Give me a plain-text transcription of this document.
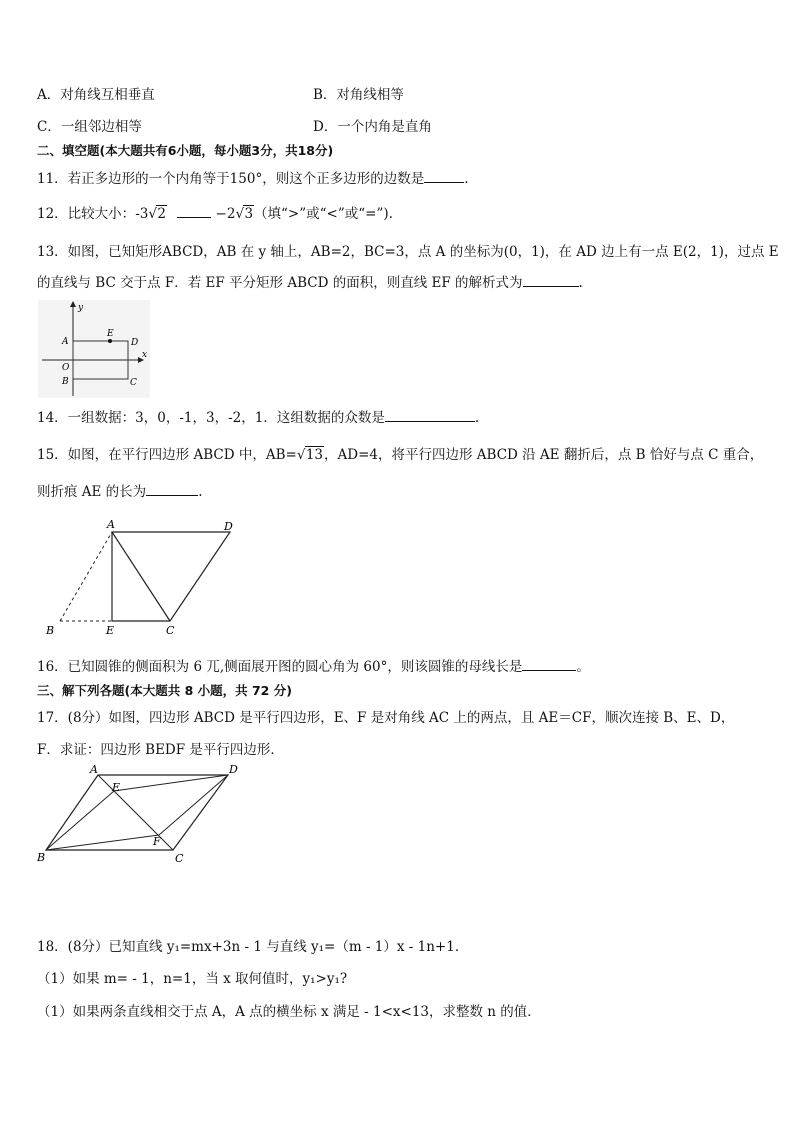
A．对角线互相垂直	B．对角线相等
C．一组邻边相等	D．一个内角是直角
二、填空题(本大题共有6小题，每小题3分，共18分)
11．若正多边形的一个内角等于150°，则这个正多边形的边数是	.
12．比较大小：-3 √ 2	−2 √ 3（填“>”或“<”或“=”).
13．如图，已知矩形ABCD，AB 在 y 轴上，AB=2，BC=3，点 A 的坐标为(0，1)，在 AD 边上有一点 E(2，1)，过点 E
的直线与 BC 交于点 F．若 EF 平分矩形 ABCD 的面积，则直线 EF 的解析式为	.
y
x
A
E
D
O
B	C
14．一组数据：3，0，-1，3，-2，1．这组数据的众数是	.
15．如图，在平行四边形 ABCD 中，AB= √ 13，AD=4，将平行四边形 ABCD 沿 AE 翻折后，点 B 恰好与点 C 重合，
则折痕 AE 的长为	.
A	D
B	E	C
16．已知圆锥的侧面积为 6 兀,侧面展开图的圆心角为 60°，则该圆锥的母线长是	。
三、解下列各题(本大题共 8 小题，共 72 分)
17．(8分）如图，四边形 ABCD 是平行四边形，E、F 是对角线 AC 上的两点，且 AE＝CF，顺次连接 B、E、D，
F．求证：四边形 BEDF 是平行四边形．
A	D
E
F
B	C
18．(8分）已知直线 y₁=mx+3n - 1 与直线 y₁=（m - 1）x - 1n+1．
（1）如果 m= - 1，n=1，当 x 取何值时，y₁>y₁?
（1）如果两条直线相交于点 A，A 点的横坐标 x 满足 - 1<x<13，求整数 n 的值．
